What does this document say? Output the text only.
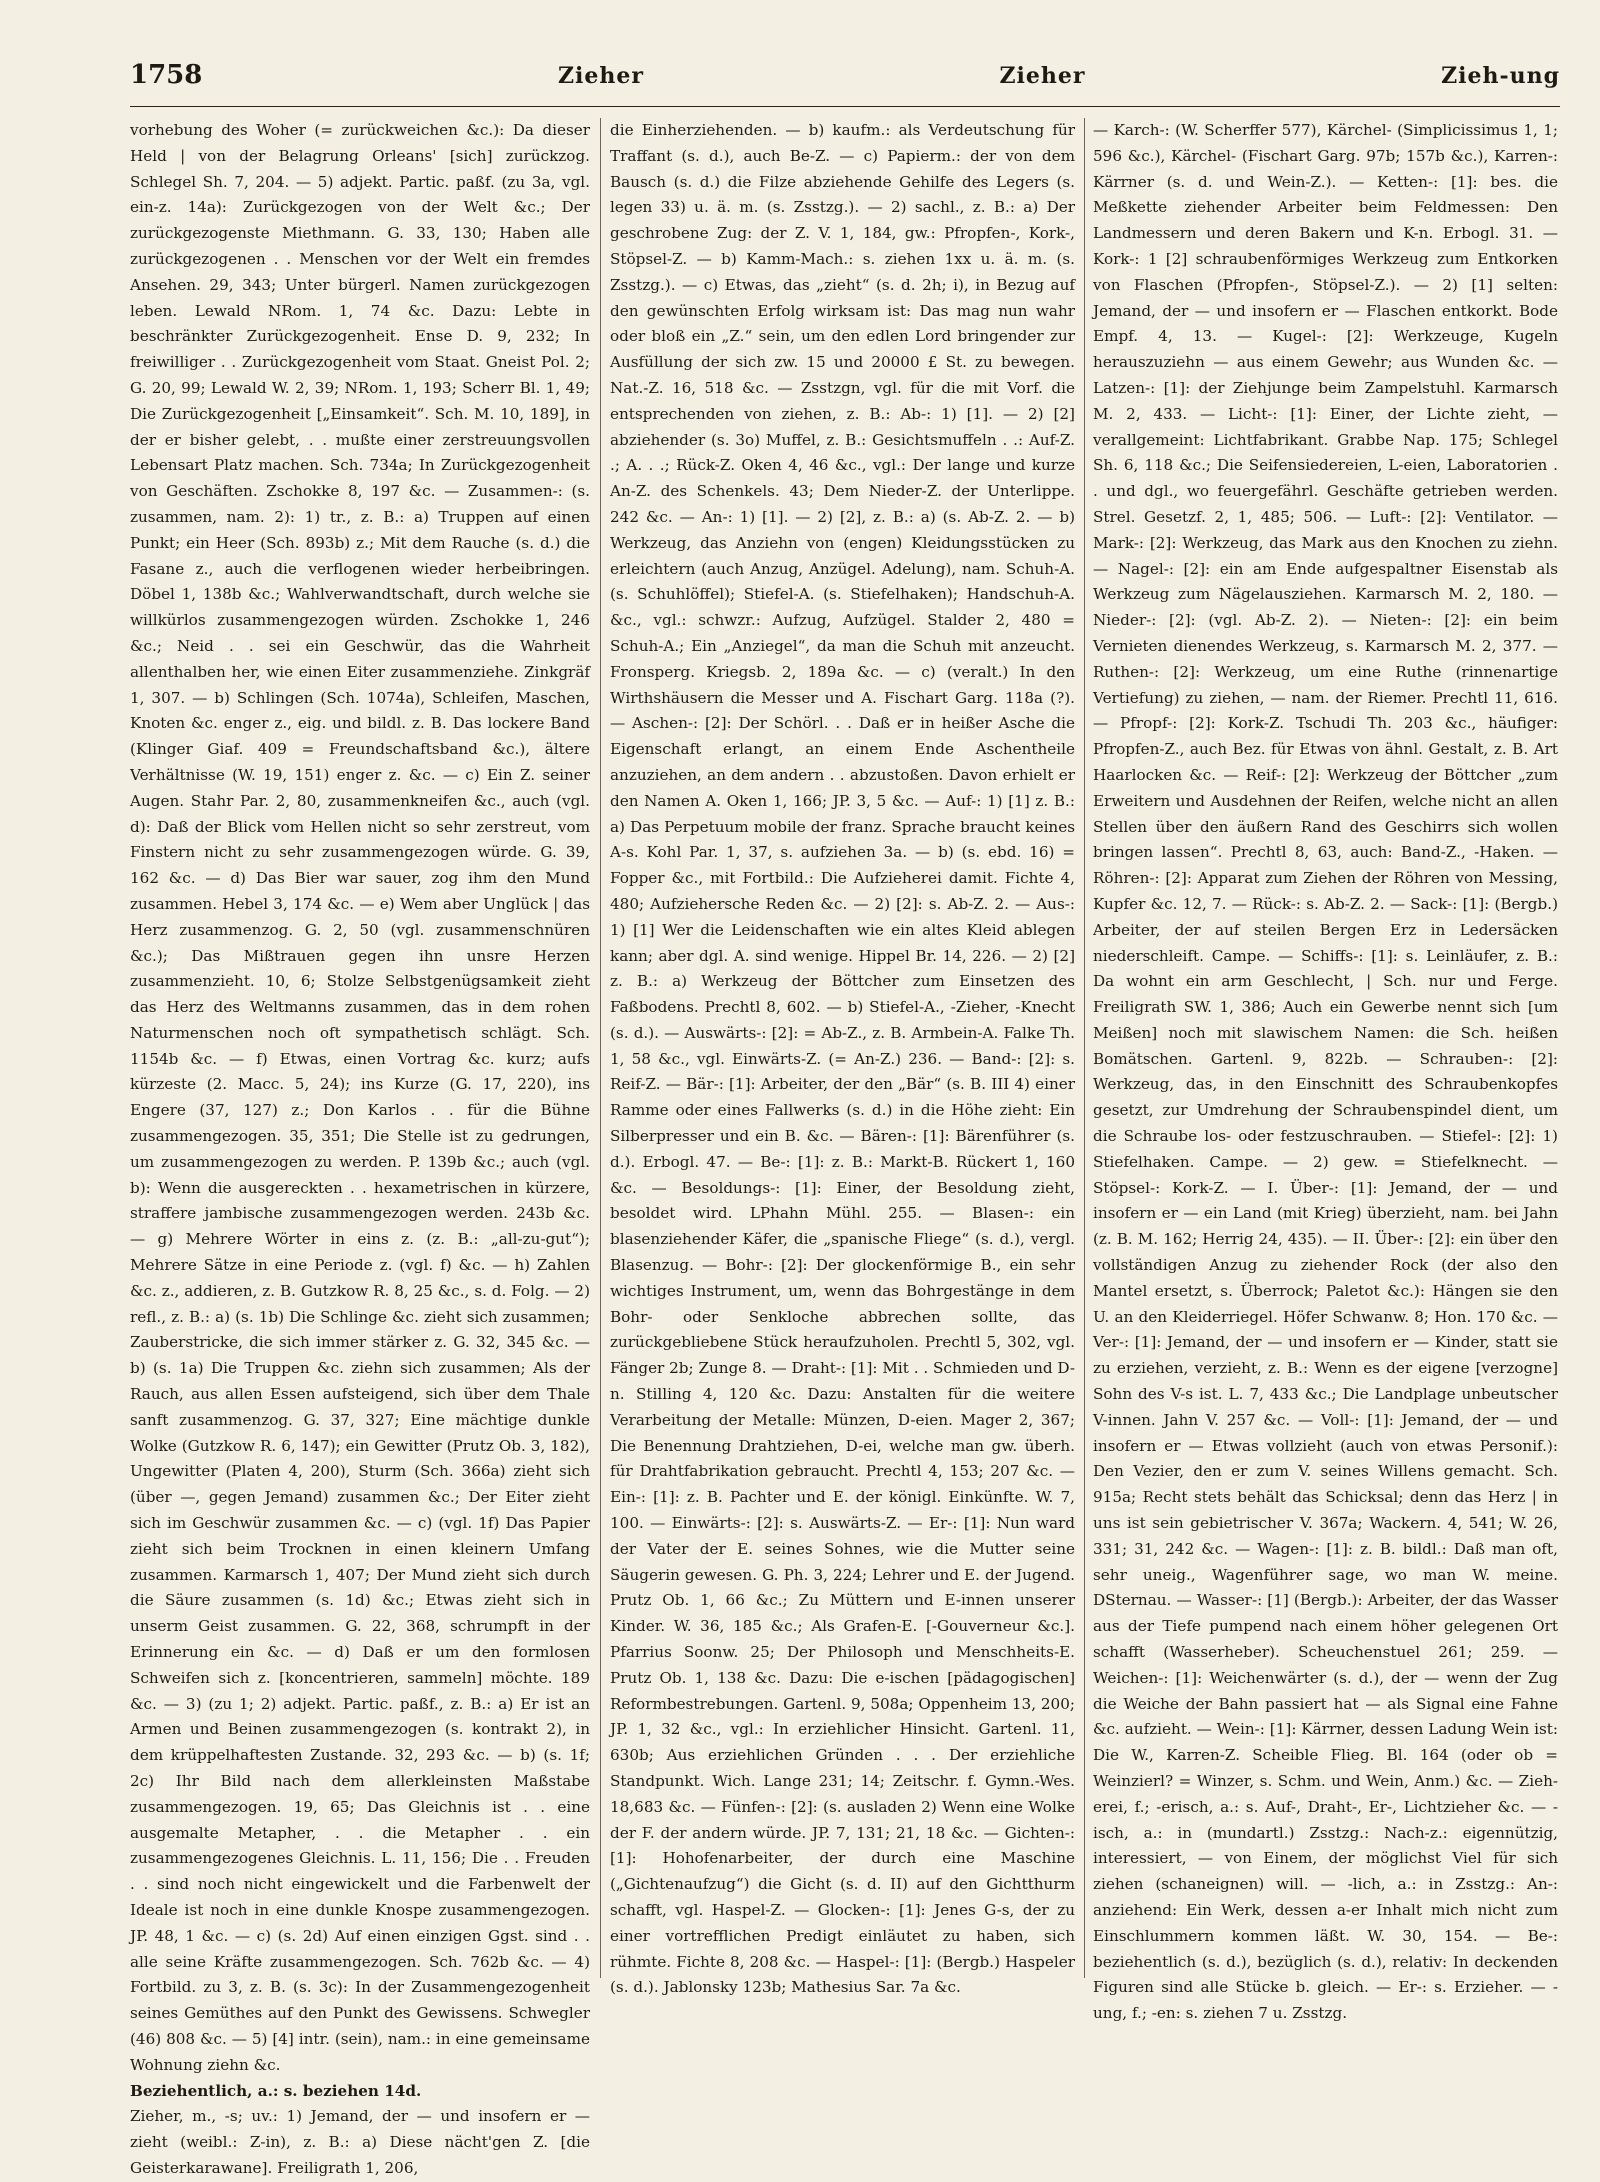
1758	Zieher	Zieher	Zieh-ung

vorhebung des Woher (= zurückweichen &c.): Da dieser Held | von der Belagrung Orleans' [sich] zurückzog. Schlegel Sh. 7, 204. — 5) adjekt. Partic. paßf. (zu 3a, vgl. ein-z. 14a): Zurückgezogen von der Welt &c.; Der zurückgezogenste Miethmann. G. 33, 130; Haben alle zurückgezogenen . . Menschen vor der Welt ein fremdes Ansehen. 29, 343; Unter bürgerl. Namen zurückgezogen leben. Lewald NRom. 1, 74 &c. Dazu: Lebte in beschränkter Zurückgezogenheit. Ense D. 9, 232; In freiwilliger . . Zurückgezogenheit vom Staat. Gneist Pol. 2; G. 20, 99; Lewald W. 2, 39; NRom. 1, 193; Scherr Bl. 1, 49; Die Zurückgezogenheit [„Einsamkeit“. Sch. M. 10, 189], in der er bisher gelebt, . . mußte einer zerstreuungsvollen Lebensart Platz machen. Sch. 734a; In Zurückgezogenheit von Geschäften. Zschokke 8, 197 &c. — Zusammen-: (s. zusammen, nam. 2): 1) tr., z. B.: a) Truppen auf einen Punkt; ein Heer (Sch. 893b) z.; Mit dem Rauche (s. d.) die Fasane z., auch die verflogenen wieder herbeibringen. Döbel 1, 138b &c.; Wahlverwandtschaft, durch welche sie willkürlos zusammengezogen würden. Zschokke 1, 246 &c.; Neid . . sei ein Geschwür, das die Wahrheit allenthalben her, wie einen Eiter zusammenziehe. Zinkgräf 1, 307. — b) Schlingen (Sch. 1074a), Schleifen, Maschen, Knoten &c. enger z., eig. und bildl. z. B. Das lockere Band (Klinger Giaf. 409 = Freundschaftsband &c.), ältere Verhältnisse (W. 19, 151) enger z. &c. — c) Ein Z. seiner Augen. Stahr Par. 2, 80, zusammenkneifen &c., auch (vgl. d): Daß der Blick vom Hellen nicht so sehr zerstreut, vom Finstern nicht zu sehr zusammengezogen würde. G. 39, 162 &c. — d) Das Bier war sauer, zog ihm den Mund zusammen. Hebel 3, 174 &c. — e) Wem aber Unglück | das Herz zusammenzog. G. 2, 50 (vgl. zusammenschnüren &c.); Das Mißtrauen gegen ihn unsre Herzen zusammenzieht. 10, 6; Stolze Selbstgenügsamkeit zieht das Herz des Weltmanns zusammen, das in dem rohen Naturmenschen noch oft sympathetisch schlägt. Sch. 1154b &c. — f) Etwas, einen Vortrag &c. kurz; aufs kürzeste (2. Macc. 5, 24); ins Kurze (G. 17, 220), ins Engere (37, 127) z.; Don Karlos . . für die Bühne zusammengezogen. 35, 351; Die Stelle ist zu gedrungen, um zusammengezogen zu werden. P. 139b &c.; auch (vgl. b): Wenn die ausgereckten . . hexametrischen in kürzere, straffere jambische zusammengezogen werden. 243b &c. — g) Mehrere Wörter in eins z. (z. B.: „all-zu-gut“); Mehrere Sätze in eine Periode z. (vgl. f) &c. — h) Zahlen &c. z., addieren, z. B. Gutzkow R. 8, 25 &c., s. d. Folg. — 2) refl., z. B.: a) (s. 1b) Die Schlinge &c. zieht sich zusammen; Zauberstricke, die sich immer stärker z. G. 32, 345 &c. — b) (s. 1a) Die Truppen &c. ziehn sich zusammen; Als der Rauch, aus allen Essen aufsteigend, sich über dem Thale sanft zusammenzog. G. 37, 327; Eine mächtige dunkle Wolke (Gutzkow R. 6, 147); ein Gewitter (Prutz Ob. 3, 182), Ungewitter (Platen 4, 200), Sturm (Sch. 366a) zieht sich (über —, gegen Jemand) zusammen &c.; Der Eiter zieht sich im Geschwür zusammen &c. — c) (vgl. 1f) Das Papier zieht sich beim Trocknen in einen kleinern Umfang zusammen. Karmarsch 1, 407; Der Mund zieht sich durch die Säure zusammen (s. 1d) &c.; Etwas zieht sich in unserm Geist zusammen. G. 22, 368, schrumpft in der Erinnerung ein &c. — d) Daß er um den formlosen Schweifen sich z. [koncentrieren, sammeln] möchte. 189 &c. — 3) (zu 1; 2) adjekt. Partic. paßf., z. B.: a) Er ist an Armen und Beinen zusammengezogen (s. kontrakt 2), in dem krüppelhaftesten Zustande. 32, 293 &c. — b) (s. 1f; 2c) Ihr Bild nach dem allerkleinsten Maßstabe zusammengezogen. 19, 65; Das Gleichnis ist . . eine ausgemalte Metapher, . . die Metapher . . ein zusammengezogenes Gleichnis. L. 11, 156; Die . . Freuden . . sind noch nicht eingewickelt und die Farbenwelt der Ideale ist noch in eine dunkle Knospe zusammengezogen. JP. 48, 1 &c. — c) (s. 2d) Auf einen einzigen Ggst. sind . . alle seine Kräfte zusammengezogen. Sch. 762b &c. — 4) Fortbild. zu 3, z. B. (s. 3c): In der Zusammengezogenheit seines Gemüthes auf den Punkt des Gewissens. Schwegler (46) 808 &c. — 5) [4] intr. (sein), nam.: in eine gemeinsame Wohnung ziehn &c.

Beziehentlich, a.: s. beziehen 14d.

Zieher, m., -s; uv.: 1) Jemand, der — und insofern er — zieht (weibl.: Z-in), z. B.: a) Diese nächt'gen Z. [die Geisterkarawane]. Freiligrath 1, 206,

die Einherziehenden. — b) kaufm.: als Verdeutschung für Traffant (s. d.), auch Be-Z. — c) Papierm.: der von dem Bausch (s. d.) die Filze abziehende Gehilfe des Legers (s. legen 33) u. ä. m. (s. Zsstzg.). — 2) sachl., z. B.: a) Der geschrobene Zug: der Z. V. 1, 184, gw.: Pfropfen-, Kork-, Stöpsel-Z. — b) Kamm-Mach.: s. ziehen 1xx u. ä. m. (s. Zsstzg.). — c) Etwas, das „zieht“ (s. d. 2h; i), in Bezug auf den gewünschten Erfolg wirksam ist: Das mag nun wahr oder bloß ein „Z.“ sein, um den edlen Lord bringender zur Ausfüllung der sich zw. 15 und 20000 £ St. zu bewegen. Nat.-Z. 16, 518 &c. — Zsstzgn, vgl. für die mit Vorf. die entsprechenden von ziehen, z. B.: Ab-: 1) [1]. — 2) [2] abziehender (s. 3o) Muffel, z. B.: Gesichtsmuffeln . .: Auf-Z. .; A. . .; Rück-Z. Oken 4, 46 &c., vgl.: Der lange und kurze An-Z. des Schenkels. 43; Dem Nieder-Z. der Unterlippe. 242 &c. — An-: 1) [1]. — 2) [2], z. B.: a) (s. Ab-Z. 2. — b) Werkzeug, das Anziehn von (engen) Kleidungsstücken zu erleichtern (auch Anzug, Anzügel. Adelung), nam. Schuh-A. (s. Schuhlöffel); Stiefel-A. (s. Stiefelhaken); Handschuh-A. &c., vgl.: schwzr.: Aufzug, Aufzügel. Stalder 2, 480 = Schuh-A.; Ein „Anziegel“, da man die Schuh mit anzeucht. Fronsperg. Kriegsb. 2, 189a &c. — c) (veralt.) In den Wirthshäusern die Messer und A. Fischart Garg. 118a (?). — Aschen-: [2]: Der Schörl. . . Daß er in heißer Asche die Eigenschaft erlangt, an einem Ende Aschentheile anzuziehen, an dem andern . . abzustoßen. Davon erhielt er den Namen A. Oken 1, 166; JP. 3, 5 &c. — Auf-: 1) [1] z. B.: a) Das Perpetuum mobile der franz. Sprache braucht keines A-s. Kohl Par. 1, 37, s. aufziehen 3a. — b) (s. ebd. 16) = Fopper &c., mit Fortbild.: Die Aufzieherei damit. Fichte 4, 480; Aufziehersche Reden &c. — 2) [2]: s. Ab-Z. 2. — Aus-: 1) [1] Wer die Leidenschaften wie ein altes Kleid ablegen kann; aber dgl. A. sind wenige. Hippel Br. 14, 226. — 2) [2] z. B.: a) Werkzeug der Böttcher zum Einsetzen des Faßbodens. Prechtl 8, 602. — b) Stiefel-A., -Zieher, -Knecht (s. d.). — Auswärts-: [2]: = Ab-Z., z. B. Armbein-A. Falke Th. 1, 58 &c., vgl. Einwärts-Z. (= An-Z.) 236. — Band-: [2]: s. Reif-Z. — Bär-: [1]: Arbeiter, der den „Bär“ (s. B. III 4) einer Ramme oder eines Fallwerks (s. d.) in die Höhe zieht: Ein Silberpresser und ein B. &c. — Bären-: [1]: Bärenführer (s. d.). Erbogl. 47. — Be-: [1]: z. B.: Markt-B. Rückert 1, 160 &c. — Besoldungs-: [1]: Einer, der Besoldung zieht, besoldet wird. LPhahn Mühl. 255. — Blasen-: ein blasenziehender Käfer, die „spanische Fliege“ (s. d.), vergl. Blasenzug. — Bohr-: [2]: Der glockenförmige B., ein sehr wichtiges Instrument, um, wenn das Bohrgestänge in dem Bohr- oder Senkloche abbrechen sollte, das zurückgebliebene Stück heraufzuholen. Prechtl 5, 302, vgl. Fänger 2b; Zunge 8. — Draht-: [1]: Mit . . Schmieden und D-n. Stilling 4, 120 &c. Dazu: Anstalten für die weitere Verarbeitung der Metalle: Münzen, D-eien. Mager 2, 367; Die Benennung Drahtziehen, D-ei, welche man gw. überh. für Drahtfabrikation gebraucht. Prechtl 4, 153; 207 &c. — Ein-: [1]: z. B. Pachter und E. der königl. Einkünfte. W. 7, 100. — Einwärts-: [2]: s. Auswärts-Z. — Er-: [1]: Nun ward der Vater der E. seines Sohnes, wie die Mutter seine Säugerin gewesen. G. Ph. 3, 224; Lehrer und E. der Jugend. Prutz Ob. 1, 66 &c.; Zu Müttern und E-innen unserer Kinder. W. 36, 185 &c.; Als Grafen-E. [-Gouverneur &c.]. Pfarrius Soonw. 25; Der Philosoph und Menschheits-E. Prutz Ob. 1, 138 &c. Dazu: Die e-ischen [pädagogischen] Reformbestrebungen. Gartenl. 9, 508a; Oppenheim 13, 200; JP. 1, 32 &c., vgl.: In erziehlicher Hinsicht. Gartenl. 11, 630b; Aus erziehlichen Gründen . . . Der erziehliche Standpunkt. Wich. Lange 231; 14; Zeitschr. f. Gymn.-Wes. 18,683 &c. — Fünfen-: [2]: (s. ausladen 2) Wenn eine Wolke der F. der andern würde. JP. 7, 131; 21, 18 &c. — Gichten-: [1]: Hohofenarbeiter, der durch eine Maschine („Gichtenaufzug“) die Gicht (s. d. II) auf den Gichtthurm schafft, vgl. Haspel-Z. — Glocken-: [1]: Jenes G-s, der zu einer vortrefflichen Predigt einläutet zu haben, sich rühmte. Fichte 8, 208 &c. — Haspel-: [1]: (Bergb.) Haspeler (s. d.). Jablonsky 123b; Mathesius Sar. 7a &c.

— Karch-: (W. Scherffer 577), Kärchel- (Simplicissimus 1, 1; 596 &c.), Kärchel- (Fischart Garg. 97b; 157b &c.), Karren-: Kärrner (s. d. und Wein-Z.). — Ketten-: [1]: bes. die Meßkette ziehender Arbeiter beim Feldmessen: Den Landmessern und deren Bakern und K-n. Erbogl. 31. — Kork-: 1 [2] schraubenförmiges Werkzeug zum Entkorken von Flaschen (Pfropfen-, Stöpsel-Z.). — 2) [1] selten: Jemand, der — und insofern er — Flaschen entkorkt. Bode Empf. 4, 13. — Kugel-: [2]: Werkzeuge, Kugeln herauszuziehn — aus einem Gewehr; aus Wunden &c. — Latzen-: [1]: der Ziehjunge beim Zampelstuhl. Karmarsch M. 2, 433. — Licht-: [1]: Einer, der Lichte zieht, — verallgemeint: Lichtfabrikant. Grabbe Nap. 175; Schlegel Sh. 6, 118 &c.; Die Seifensiedereien, L-eien, Laboratorien . . und dgl., wo feuergefährl. Geschäfte getrieben werden. Strel. Gesetzf. 2, 1, 485; 506. — Luft-: [2]: Ventilator. — Mark-: [2]: Werkzeug, das Mark aus den Knochen zu ziehn. — Nagel-: [2]: ein am Ende aufgespaltner Eisenstab als Werkzeug zum Nägelausziehen. Karmarsch M. 2, 180. — Nieder-: [2]: (vgl. Ab-Z. 2). — Nieten-: [2]: ein beim Vernieten dienendes Werkzeug, s. Karmarsch M. 2, 377. — Ruthen-: [2]: Werkzeug, um eine Ruthe (rinnenartige Vertiefung) zu ziehen, — nam. der Riemer. Prechtl 11, 616. — Pfropf-: [2]: Kork-Z. Tschudi Th. 203 &c., häufiger: Pfropfen-Z., auch Bez. für Etwas von ähnl. Gestalt, z. B. Art Haarlocken &c. — Reif-: [2]: Werkzeug der Böttcher „zum Erweitern und Ausdehnen der Reifen, welche nicht an allen Stellen über den äußern Rand des Geschirrs sich wollen bringen lassen“. Prechtl 8, 63, auch: Band-Z., -Haken. — Röhren-: [2]: Apparat zum Ziehen der Röhren von Messing, Kupfer &c. 12, 7. — Rück-: s. Ab-Z. 2. — Sack-: [1]: (Bergb.) Arbeiter, der auf steilen Bergen Erz in Ledersäcken niederschleift. Campe. — Schiffs-: [1]: s. Leinläufer, z. B.: Da wohnt ein arm Geschlecht, | Sch. nur und Ferge. Freiligrath SW. 1, 386; Auch ein Gewerbe nennt sich [um Meißen] noch mit slawischem Namen: die Sch. heißen Bomätschen. Gartenl. 9, 822b. — Schrauben-: [2]: Werkzeug, das, in den Einschnitt des Schraubenkopfes gesetzt, zur Umdrehung der Schraubenspindel dient, um die Schraube los- oder festzuschrauben. — Stiefel-: [2]: 1) Stiefelhaken. Campe. — 2) gew. = Stiefelknecht. — Stöpsel-: Kork-Z. — I. Über-: [1]: Jemand, der — und insofern er — ein Land (mit Krieg) überzieht, nam. bei Jahn (z. B. M. 162; Herrig 24, 435). — II. Über-: [2]: ein über den vollständigen Anzug zu ziehender Rock (der also den Mantel ersetzt, s. Überrock; Paletot &c.): Hängen sie den U. an den Kleiderriegel. Höfer Schwanw. 8; Hon. 170 &c. — Ver-: [1]: Jemand, der — und insofern er — Kinder, statt sie zu erziehen, verzieht, z. B.: Wenn es der eigene [verzogne] Sohn des V-s ist. L. 7, 433 &c.; Die Landplage unbeutscher V-innen. Jahn V. 257 &c. — Voll-: [1]: Jemand, der — und insofern er — Etwas vollzieht (auch von etwas Personif.): Den Vezier, den er zum V. seines Willens gemacht. Sch. 915a; Recht stets behält das Schicksal; denn das Herz | in uns ist sein gebietrischer V. 367a; Wackern. 4, 541; W. 26, 331; 31, 242 &c. — Wagen-: [1]: z. B. bildl.: Daß man oft, sehr uneig., Wagenführer sage, wo man W. meine. DSternau. — Wasser-: [1] (Bergb.): Arbeiter, der das Wasser aus der Tiefe pumpend nach einem höher gelegenen Ort schafft (Wasserheber). Scheuchenstuel 261; 259. — Weichen-: [1]: Weichenwärter (s. d.), der — wenn der Zug die Weiche der Bahn passiert hat — als Signal eine Fahne &c. aufzieht. — Wein-: [1]: Kärrner, dessen Ladung Wein ist: Die W., Karren-Z. Scheible Flieg. Bl. 164 (oder ob = Weinzierl? = Winzer, s. Schm. und Wein, Anm.) &c. — Zieh-erei, f.; -erisch, a.: s. Auf-, Draht-, Er-, Lichtzieher &c. — -isch, a.: in (mundartl.) Zsstzg.: Nach-z.: eigennützig, interessiert, — von Einem, der möglichst Viel für sich ziehen (schaneignen) will. — -lich, a.: in Zsstzg.: An-: anziehend: Ein Werk, dessen a-er Inhalt mich nicht zum Einschlummern kommen läßt. W. 30, 154. — Be-: beziehentlich (s. d.), bezüglich (s. d.), relativ: In deckenden Figuren sind alle Stücke b. gleich. — Er-: s. Erzieher. — -ung, f.; -en: s. ziehen 7 u. Zsstzg.
